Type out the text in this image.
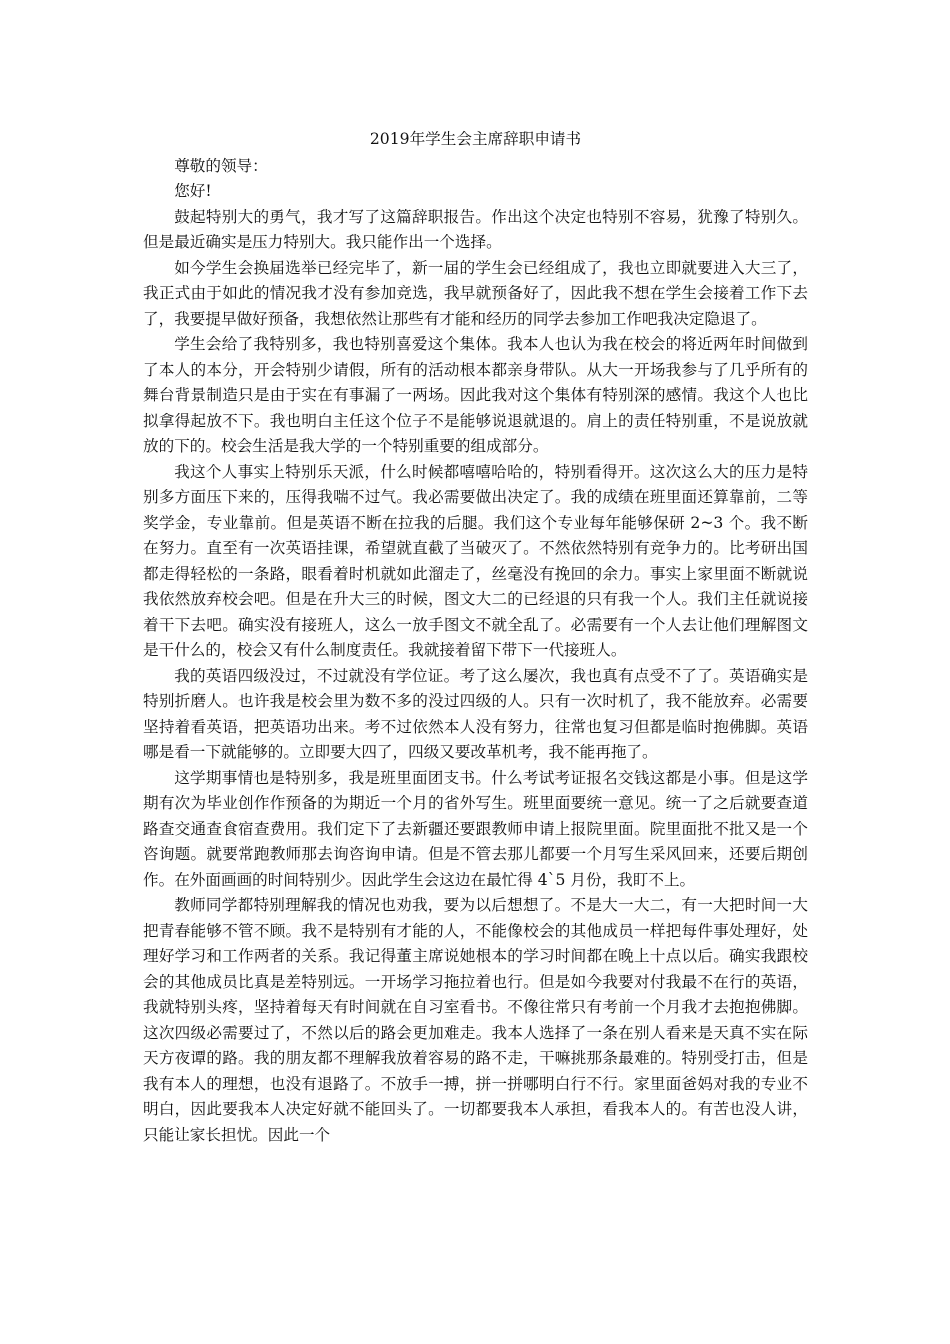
2019年学生会主席辞职申请书

尊敬的领导：

您好!

鼓起特别大的勇气，我才写了这篇辞职报告。作出这个决定也特别不容易，犹豫了特别久。但是最近确实是压力特别大。我只能作出一个选择。

如今学生会换届选举已经完毕了，新一届的学生会已经组成了，我也立即就要进入大三了，我正式由于如此的情况我才没有参加竞选，我早就预备好了，因此我不想在学生会接着工作下去了，我要提早做好预备，我想依然让那些有才能和经历的同学去参加工作吧我决定隐退了。

学生会给了我特别多，我也特别喜爱这个集体。我本人也认为我在校会的将近两年时间做到了本人的本分，开会特别少请假，所有的活动根本都亲身带队。从大一开场我参与了几乎所有的舞台背景制造只是由于实在有事漏了一两场。因此我对这个集体有特别深的感情。我这个人也比拟拿得起放不下。我也明白主任这个位子不是能够说退就退的。肩上的责任特别重，不是说放就放的下的。校会生活是我大学的一个特别重要的组成部分。

我这个人事实上特别乐天派，什么时候都嘻嘻哈哈的，特别看得开。这次这么大的压力是特别多方面压下来的，压得我喘不过气。我必需要做出决定了。我的成绩在班里面还算靠前，二等奖学金，专业靠前。但是英语不断在拉我的后腿。我们这个专业每年能够保研 2~3 个。我不断在努力。直至有一次英语挂课，希望就直截了当破灭了。不然依然特别有竞争力的。比考研出国都走得轻松的一条路，眼看着时机就如此溜走了，丝毫没有挽回的余力。事实上家里面不断就说我依然放弃校会吧。但是在升大三的时候，图文大二的已经退的只有我一个人。我们主任就说接着干下去吧。确实没有接班人，这么一放手图文不就全乱了。必需要有一个人去让他们理解图文是干什么的，校会又有什么制度责任。我就接着留下带下一代接班人。

我的英语四级没过，不过就没有学位证。考了这么屡次，我也真有点受不了了。英语确实是特别折磨人。也许我是校会里为数不多的没过四级的人。只有一次时机了，我不能放弃。必需要坚持着看英语，把英语功出来。考不过依然本人没有努力，往常也复习但都是临时抱佛脚。英语哪是看一下就能够的。立即要大四了，四级又要改革机考，我不能再拖了。

这学期事情也是特别多，我是班里面团支书。什么考试考证报名交钱这都是小事。但是这学期有次为毕业创作作预备的为期近一个月的省外写生。班里面要统一意见。统一了之后就要查道路查交通查食宿查费用。我们定下了去新疆还要跟教师申请上报院里面。院里面批不批又是一个咨询题。就要常跑教师那去询咨询申请。但是不管去那儿都要一个月写生采风回来，还要后期创作。在外面画画的时间特别少。因此学生会这边在最忙得 4`5 月份，我盯不上。

教师同学都特别理解我的情况也劝我，要为以后想想了。不是大一大二，有一大把时间一大把青春能够不管不顾。我不是特别有才能的人，不能像校会的其他成员一样把每件事处理好，处理好学习和工作两者的关系。我记得董主席说她根本的学习时间都在晚上十点以后。确实我跟校会的其他成员比真是差特别远。一开场学习拖拉着也行。但是如今我要对付我最不在行的英语，我就特别头疼，坚持着每天有时间就在自习室看书。不像往常只有考前一个月我才去抱抱佛脚。这次四级必需要过了，不然以后的路会更加难走。我本人选择了一条在别人看来是天真不实在际天方夜谭的路。我的朋友都不理解我放着容易的路不走，干嘛挑那条最难的。特别受打击，但是我有本人的理想，也没有退路了。不放手一搏，拼一拼哪明白行不行。家里面爸妈对我的专业不明白，因此要我本人决定好就不能回头了。一切都要我本人承担，看我本人的。有苦也没人讲，只能让家长担忧。因此一个
